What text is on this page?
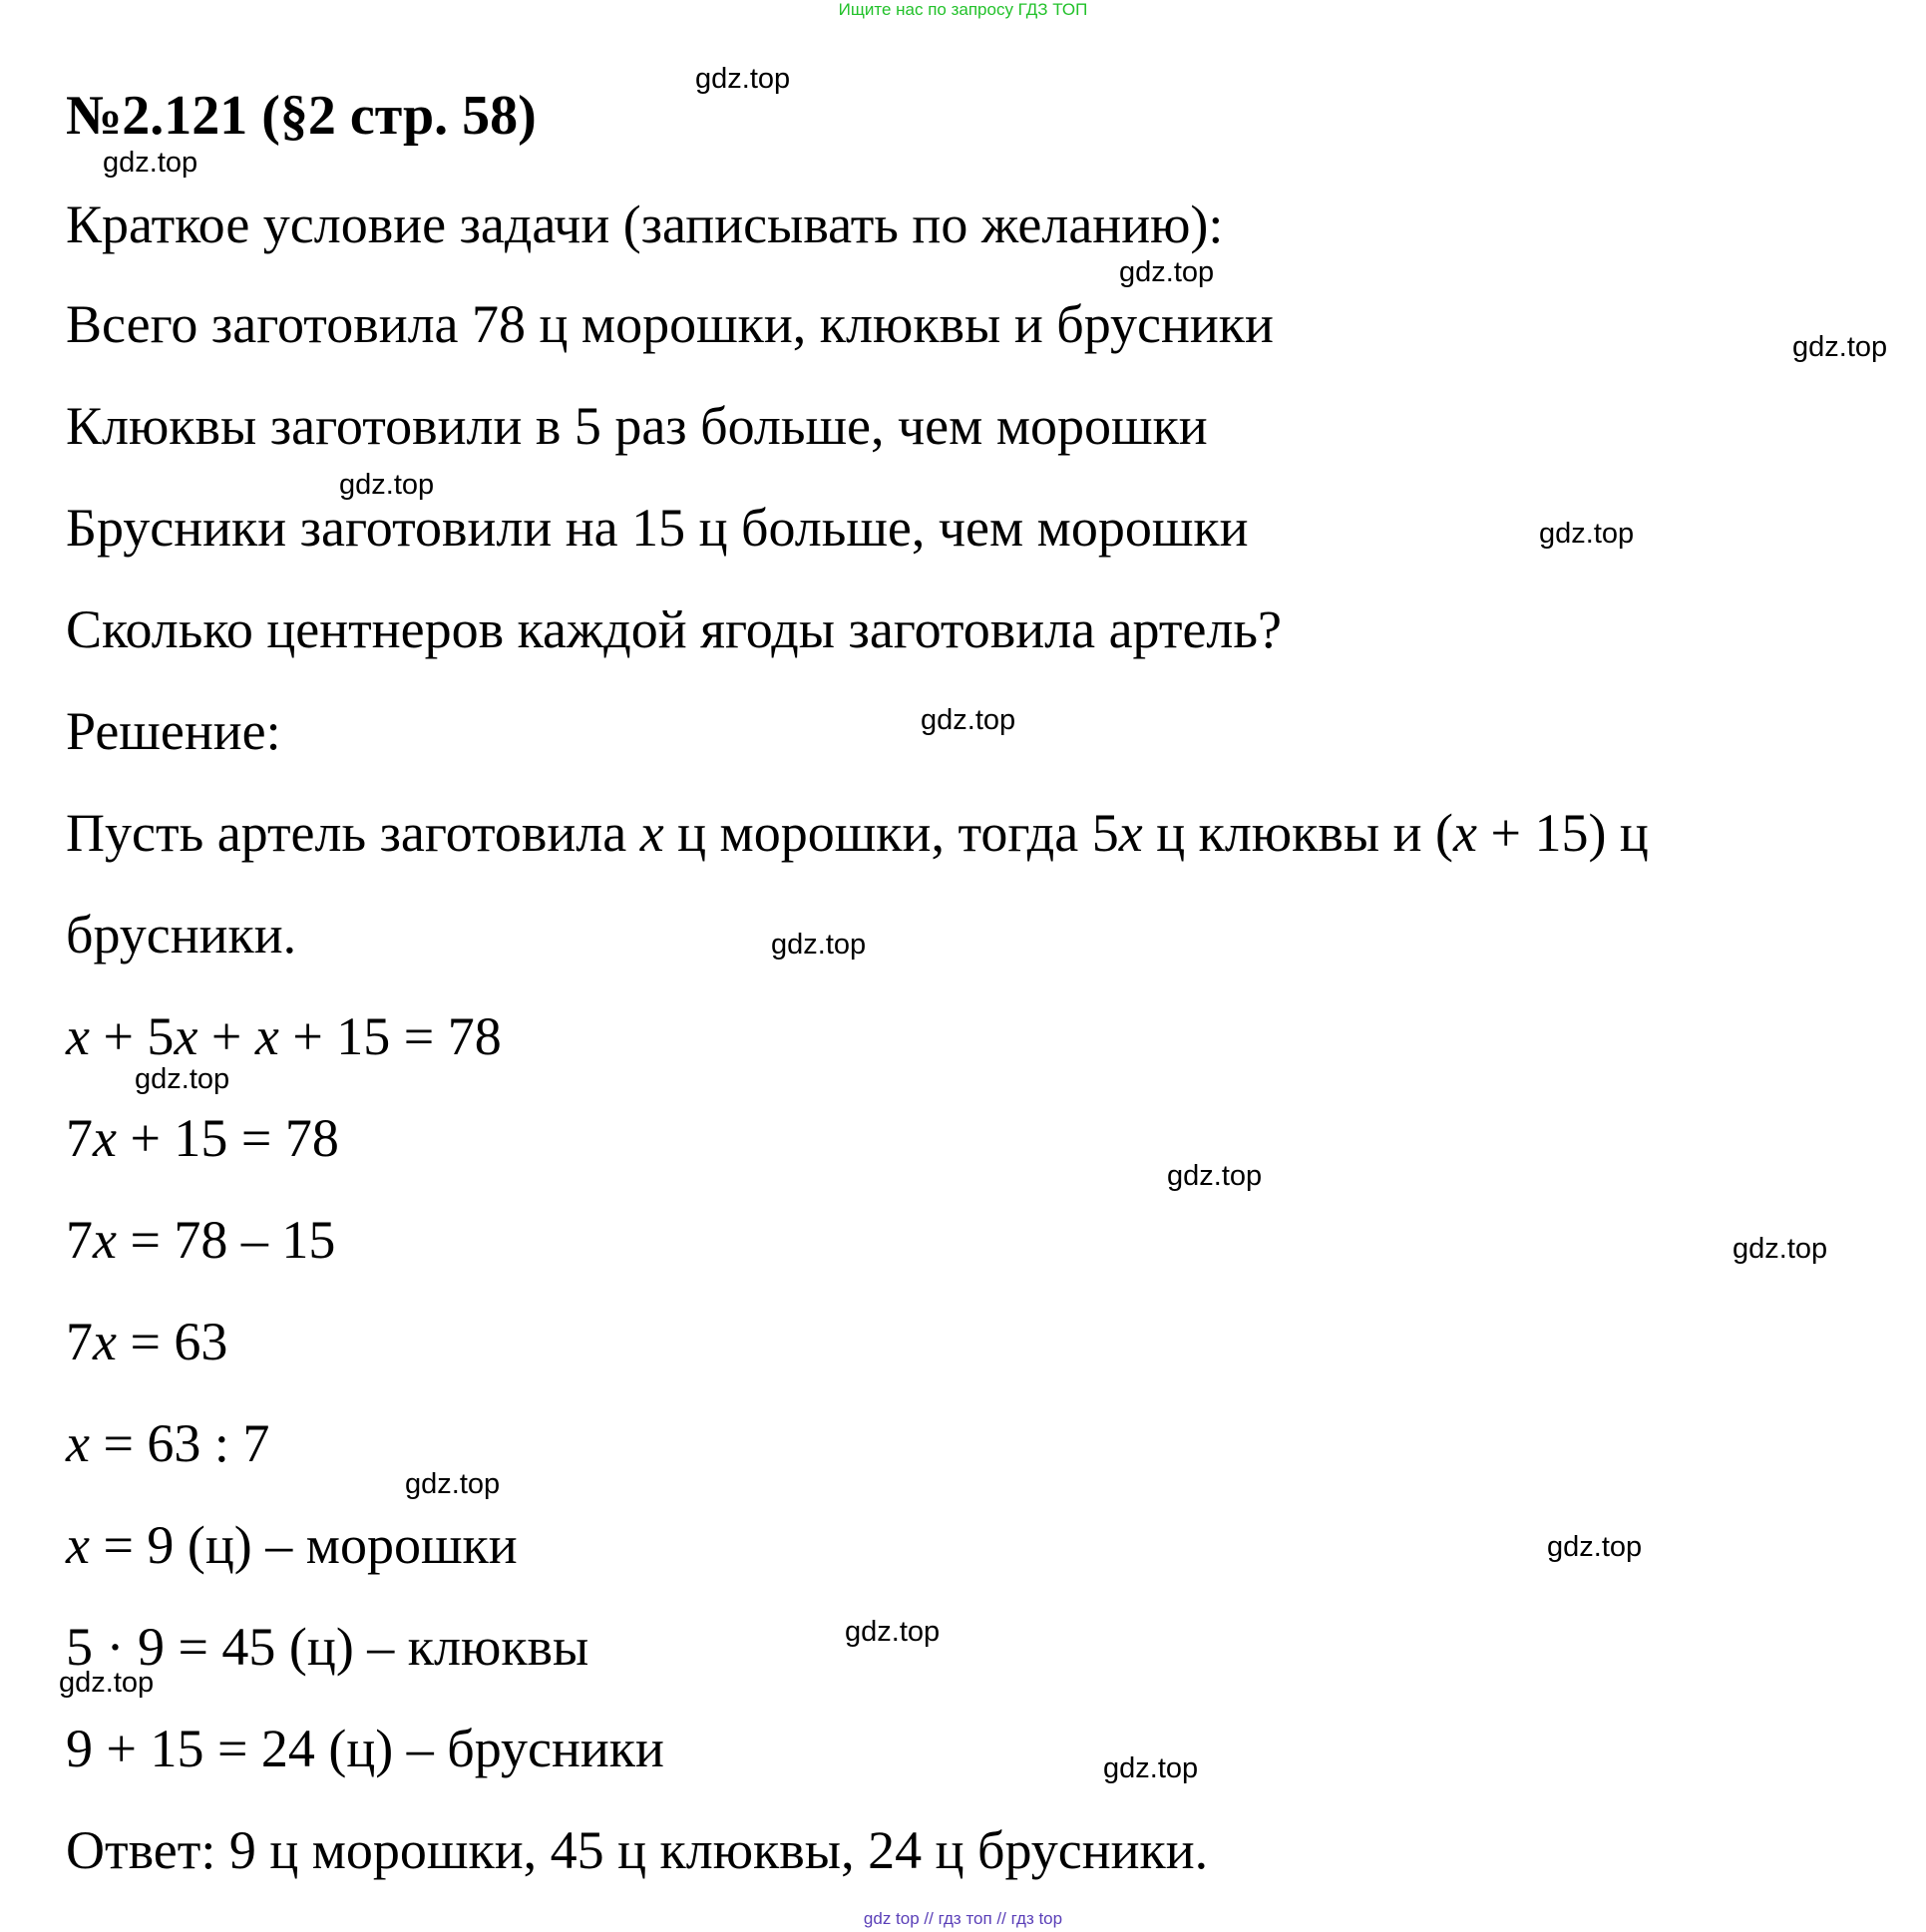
Ищите нас по запросу ГДЗ ТОП
№2.121 (§2 стр. 58)
Краткое условие задачи (записывать по желанию):
Всего заготовила 78 ц морошки, клюквы и брусники
Клюквы заготовили в 5 раз больше, чем морошки
Брусники заготовили на 15 ц больше, чем морошки
Сколько центнеров каждой ягоды заготовила артель?
Решение:
Пусть артель заготовила x ц морошки, тогда 5x ц клюквы и (x + 15) ц
брусники.
x + 5x + x + 15 = 78
7x + 15 = 78
7x = 78 – 15
7x = 63
x = 63 : 7
x = 9 (ц) – морошки
5 · 9 = 45 (ц) – клюквы
9 + 15 = 24 (ц) – брусники
Ответ: 9 ц морошки, 45 ц клюквы, 24 ц брусники.
gdz.top
gdz.top
gdz.top
gdz.top
gdz.top
gdz.top
gdz.top
gdz.top
gdz.top
gdz.top
gdz.top
gdz.top
gdz.top
gdz.top
gdz.top
gdz.top
gdz top // гдз топ // гдз top
